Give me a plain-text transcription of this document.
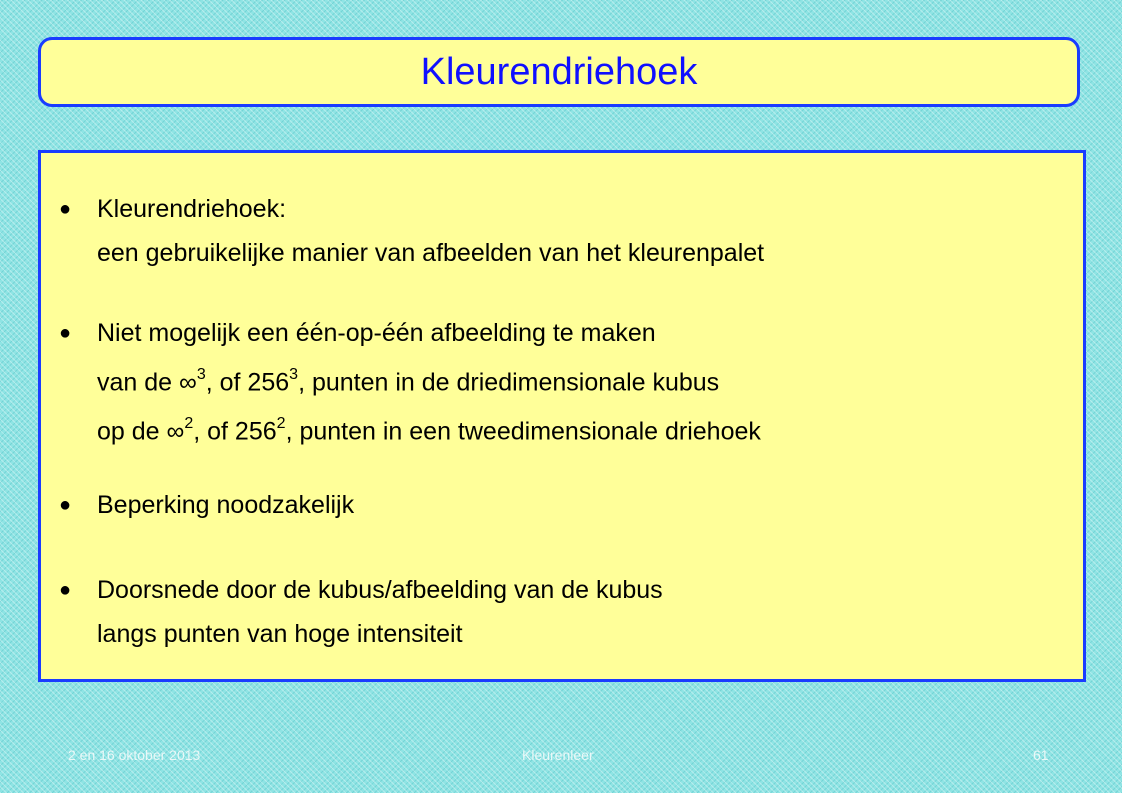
Kleurendriehoek
● Kleurendriehoek:
een gebruikelijke manier van afbeelden van het kleurenpalet
● Niet mogelijk een één-op-één afbeelding te maken
van de ∞$^3$, of $256^3$, punten in de driedimensionale kubus
op de ∞$^2$, of $256^2$, punten in een tweedimensionale driehoek
● Beperking noodzakelijk
● Doorsnede door de kubus/afbeelding van de kubus
langs punten van hoge intensiteit
2 en 16 oktober 2013	Kleurenleer	61
